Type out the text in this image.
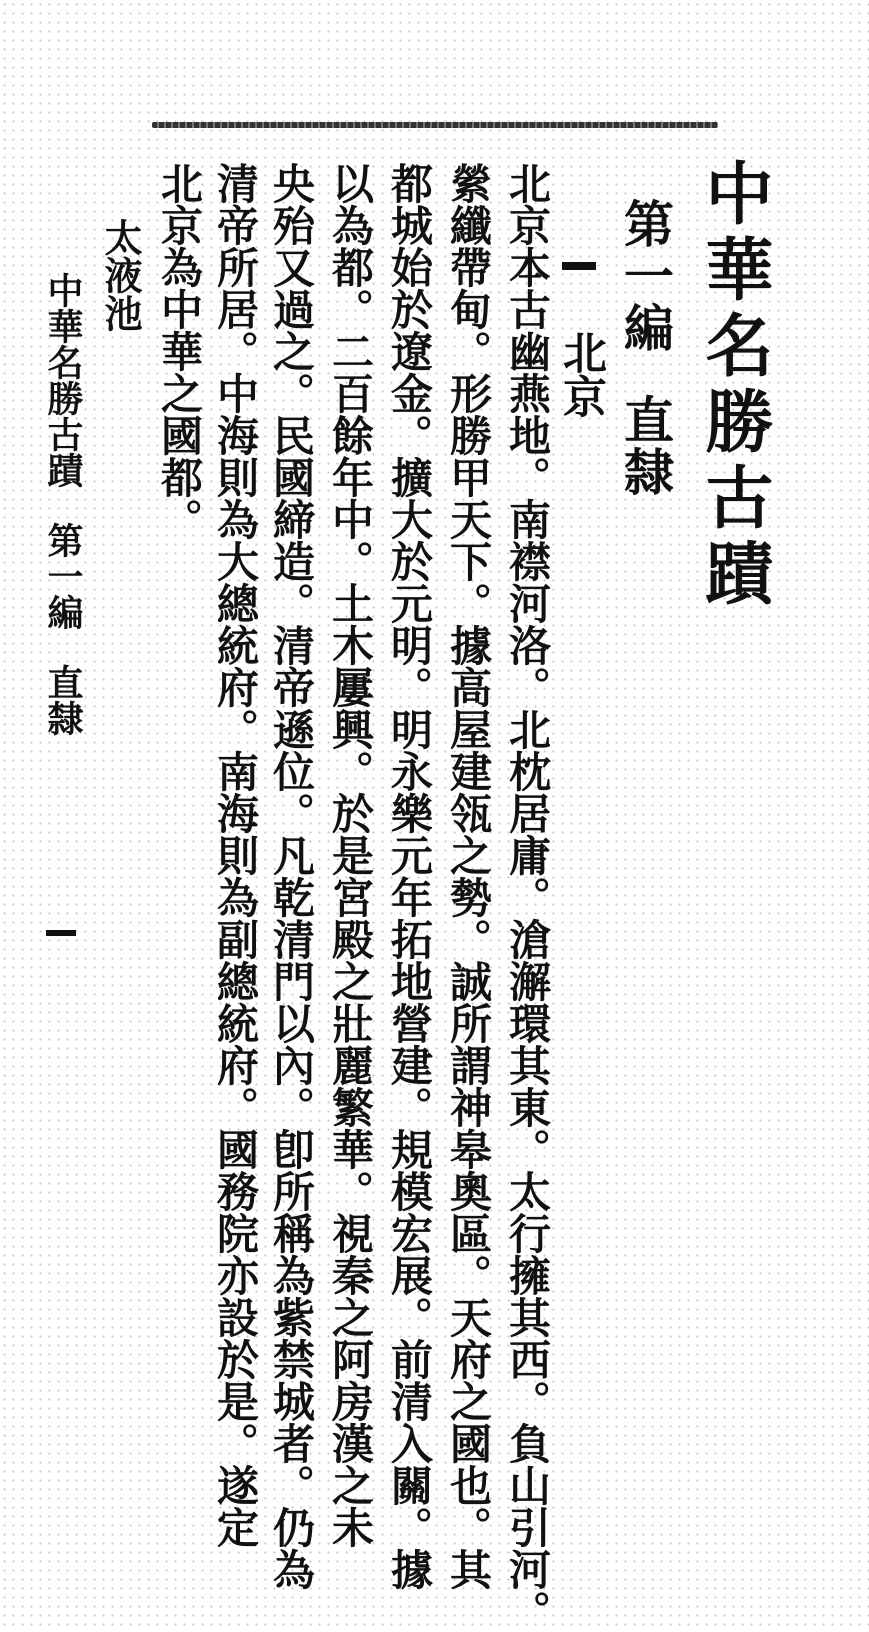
中華名勝古蹟
第一編直隸
北京
北京本古幽燕地。南襟河洛。北枕居庸。滄澥環其東。太行擁其西。負山引河。
縈纖帶甸。形勝甲天下。據高屋建瓴之勢。誠所謂神皋奧區。天府之國也。其
都城始於遼金。擴大於元明。明永樂元年拓地營建。規模宏展。前清入關。據
以為都。二百餘年中。土木屢興。於是宮殿之壯麗繁華。視秦之阿房漢之未
央殆又過之。民國締造。清帝遜位。凡乾清門以內。卽所稱為紫禁城者。仍為
清帝所居。中海則為大總統府。南海則為副總統府。國務院亦設於是。遂定
北京為中華之國都。
太液池
中華名勝古蹟第一編直隸
